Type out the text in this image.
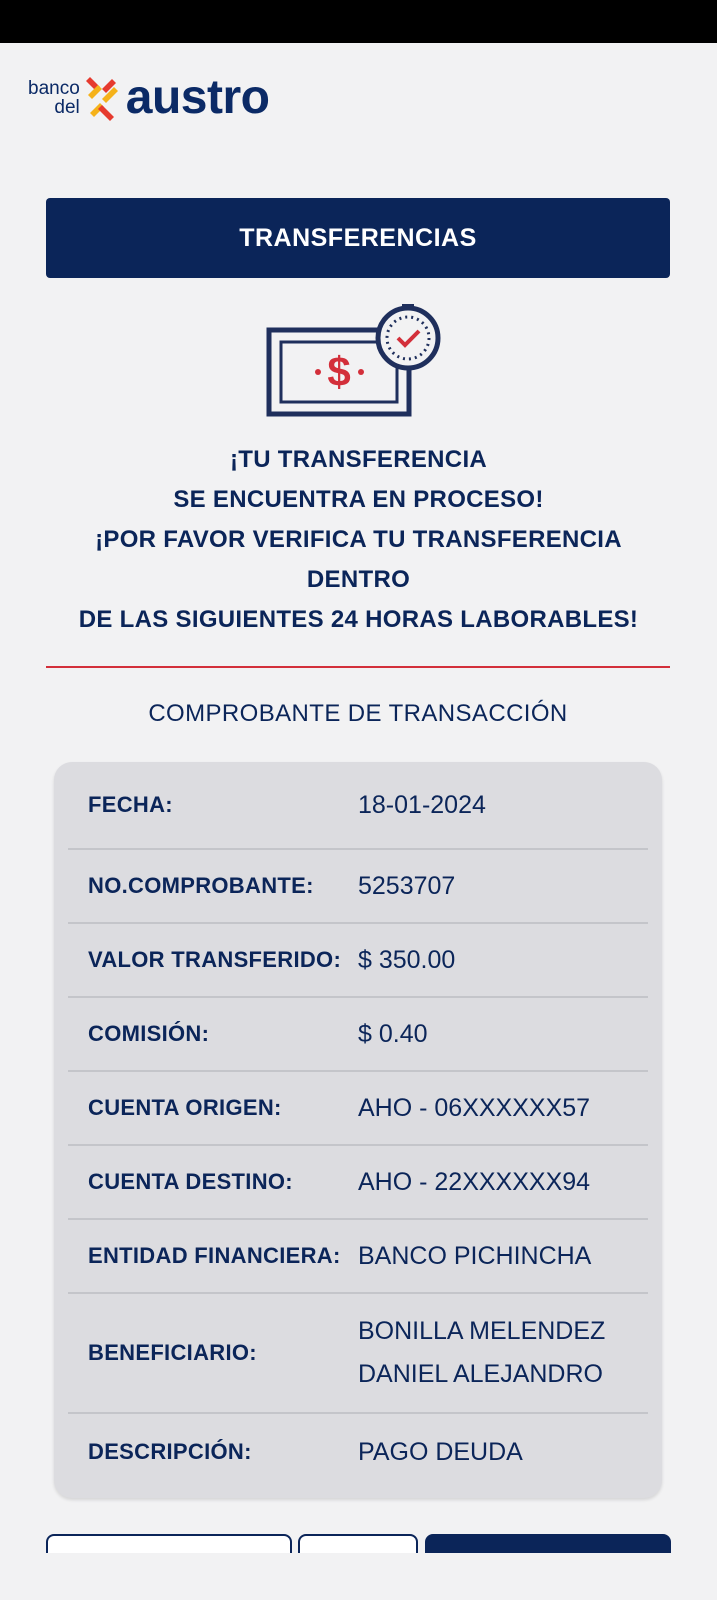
banco
del austro
TRANSFERENCIAS
$
¡TU TRANSFERENCIA
SE ENCUENTRA EN PROCESO!
¡POR FAVOR VERIFICA TU TRANSFERENCIA
DENTRO
DE LAS SIGUIENTES 24 HORAS LABORABLES!
COMPROBANTE DE TRANSACCIÓN
FECHA:	18-01-2024
NO.COMPROBANTE:	5253707
VALOR TRANSFERIDO: $ 350.00
COMISIÓN:	$ 0.40
CUENTA ORIGEN:	AHO - 06XXXXXX57
CUENTA DESTINO:	AHO - 22XXXXXX94
ENTIDAD FINANCIERA: BANCO PICHINCHA
BENEFICIARIO:
BONILLA MELENDEZ
DANIEL ALEJANDRO
DESCRIPCIÓN:	PAGO DEUDA
